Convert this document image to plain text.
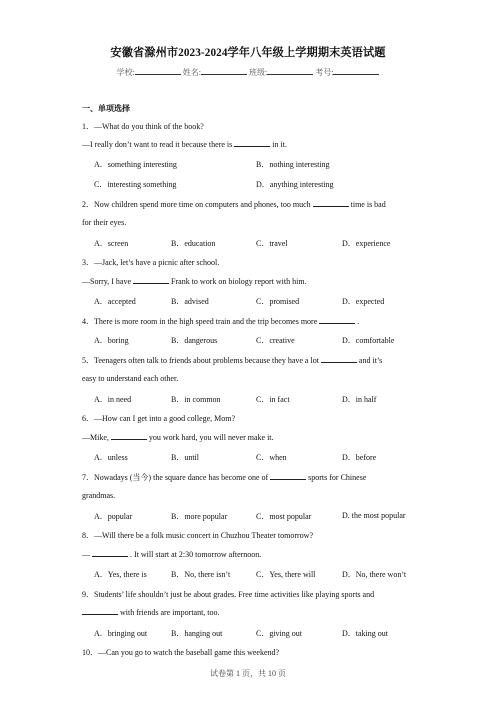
安徽省滁州市2023-2024学年八年级上学期期末英语试题
学校:	姓名:	班级:	考号:
一、单项选择
1．—What do you think of the book?
—I really don’t want to read it because there is	in it.
A．something interesting	B．nothing interesting
C．interesting something	D．anything interesting
2．Now children spend more time on computers and phones, too much	time is bad
for their eyes.
A．screen	B．education	C．travel	D．experience
3．—Jack, let’s have a picnic after school.
—Sorry, I have	Frank to work on biology report with him.
A．accepted	B．advised	C．promised	D．expected
4．There is more room in the high speed train and the trip becomes more	.
A．boring	B．dangerous	C．creative	D．comfortable
5．Teenagers often talk to friends about problems because they have a lot	and it’s
easy to understand each other.
A．in need	B．in common	C．in fact	D．in half
6．—How can I get into a good college, Mom?
—Mike,	you work hard, you will never make it.
A．unless	B．until	C．when	D．before
7．Nowadays (当今) the square dance has become one of	sports for Chinese
grandmas.
A．popular	B．more popular	C．most popular	D. the most popular
8．—Will there be a folk music concert in Chuzhou Theater tomorrow?
—	. It will start at 2:30 tomorrow afternoon.
A．Yes, there is	B．No, there isn’t	C．Yes, there will	D．No, there won’t
9．Students’ life shouldn’t just be about grades. Free time activities like playing sports and
with friends are important, too.
A．bringing out	B．hanging out	C．giving out	D．taking out
10．—Can you go to watch the baseball game this weekend?
试卷第 1 页，共 10 页
